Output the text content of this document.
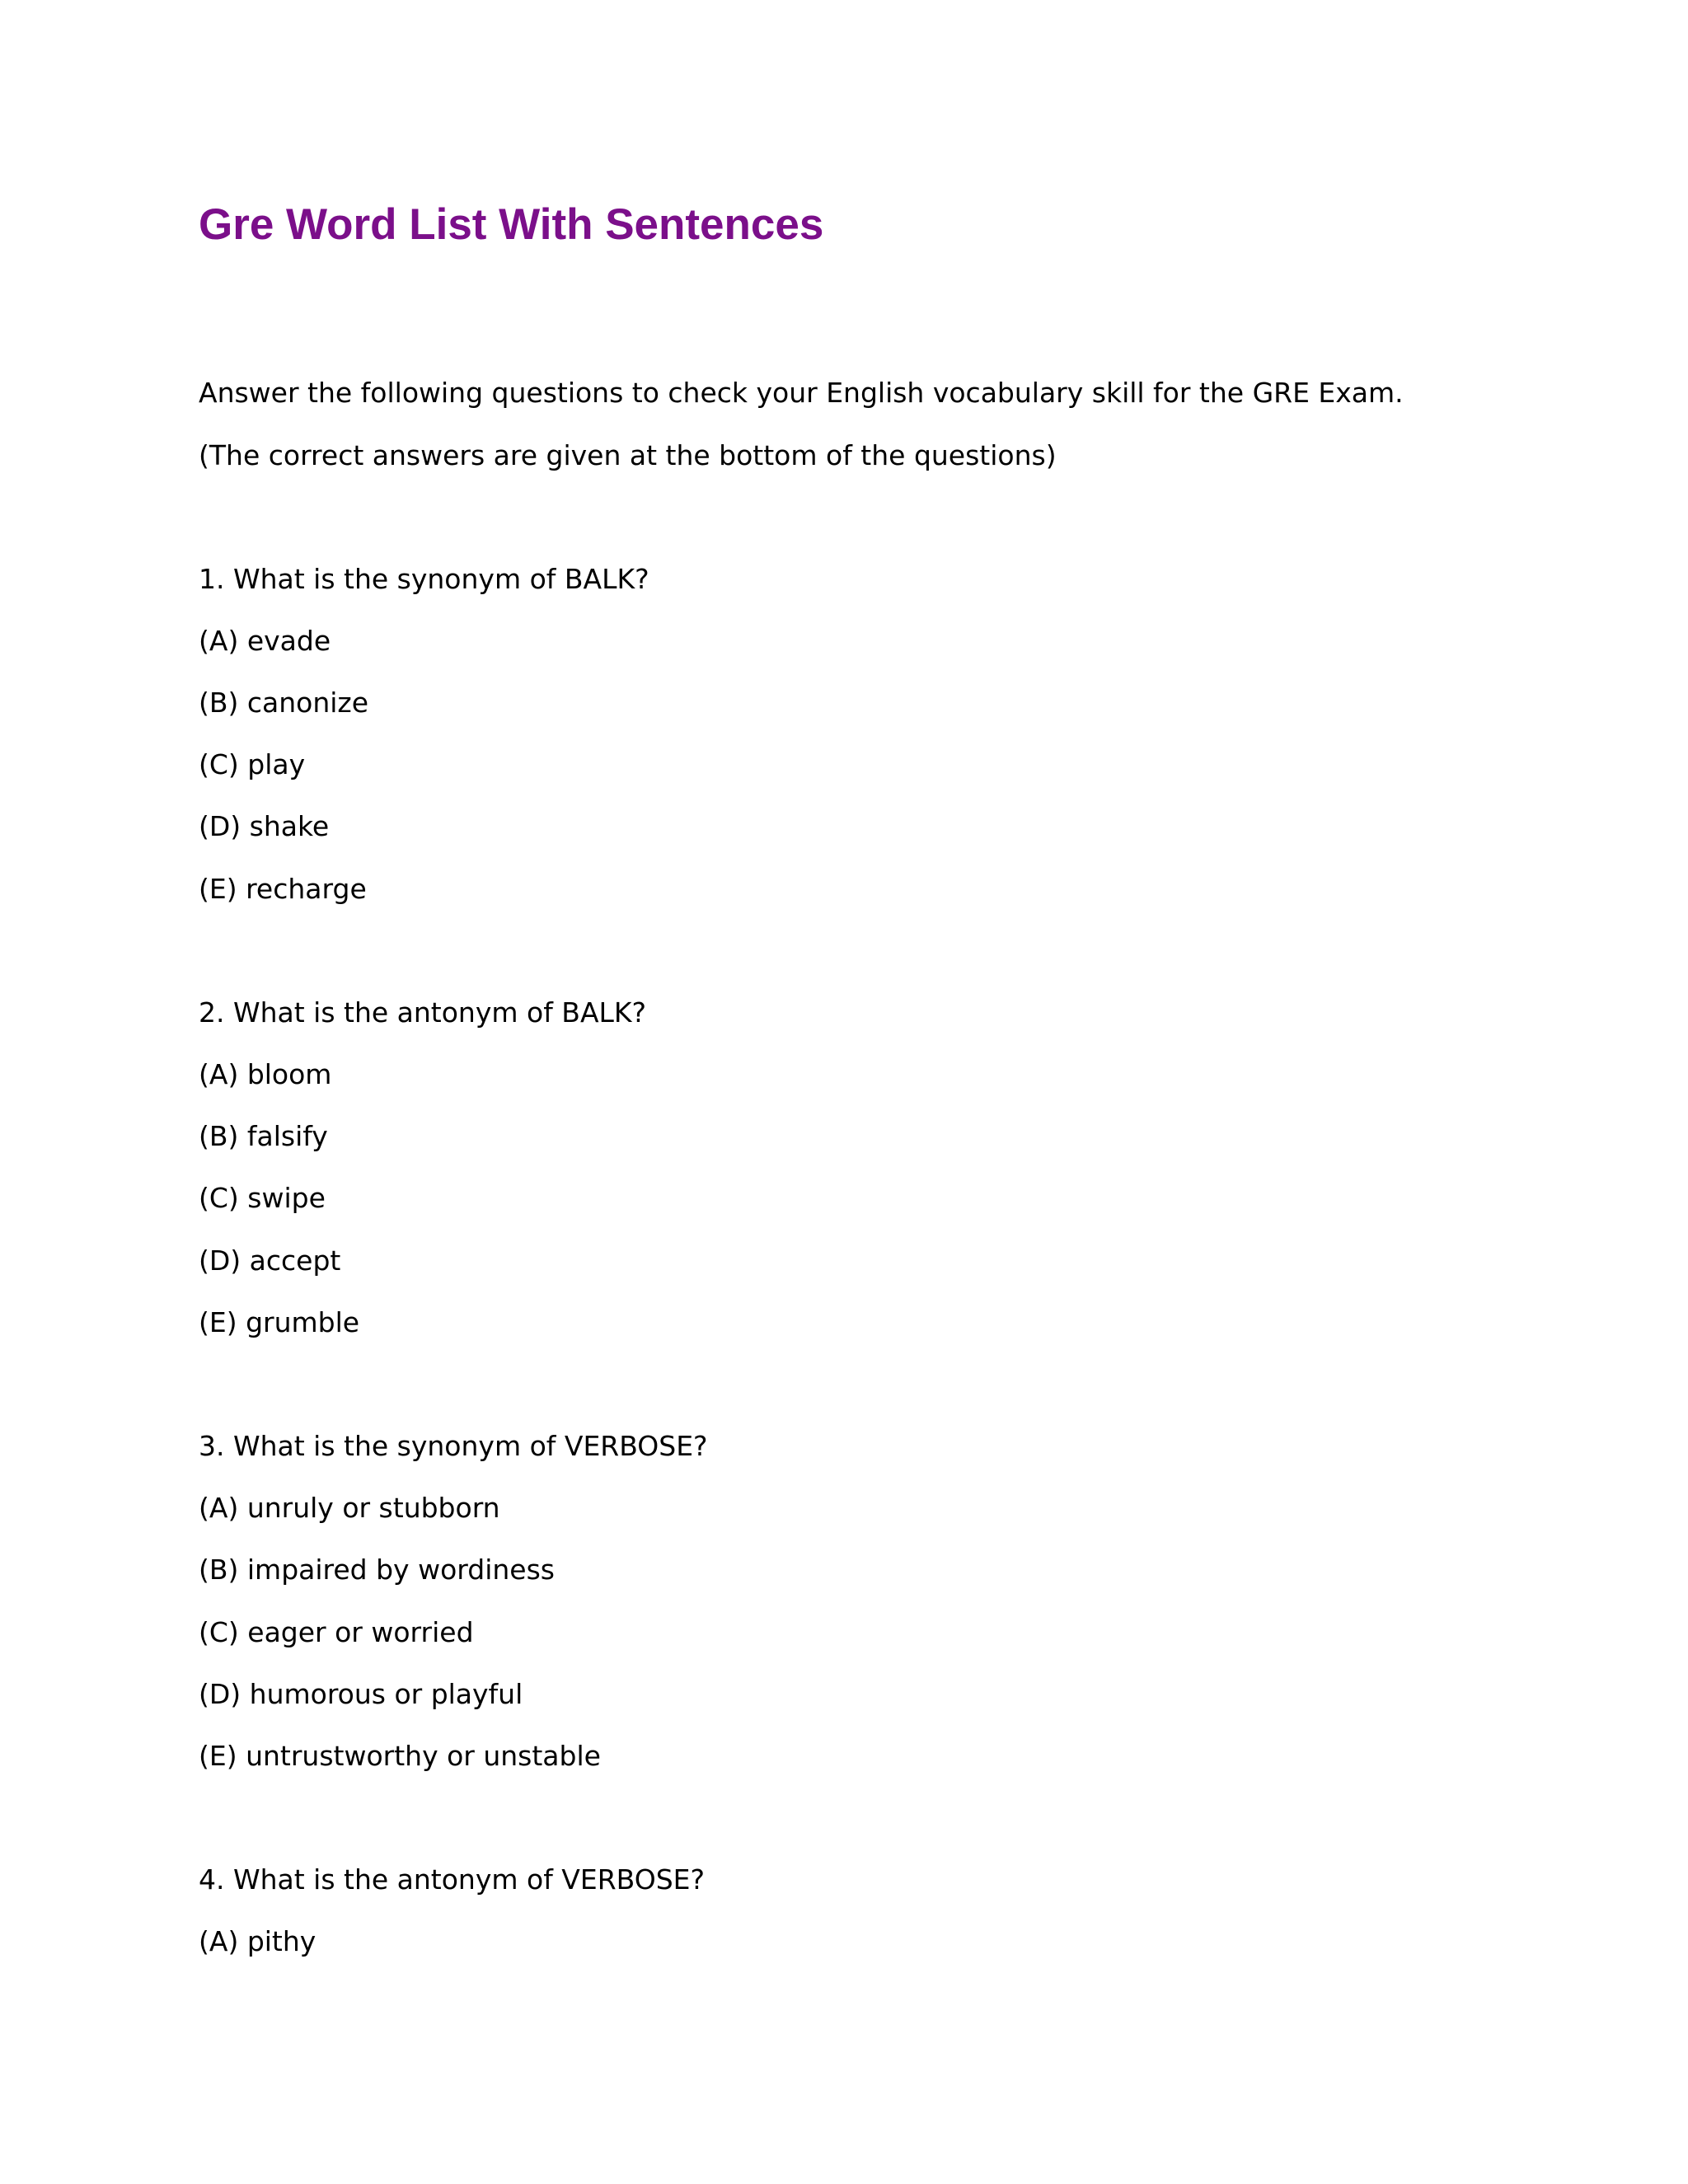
Gre Word List With Sentences

Answer the following questions to check your English vocabulary skill for the GRE Exam.

(The correct answers are given at the bottom of the questions)

1. What is the synonym of BALK?

(A) evade

(B) canonize

(C) play

(D) shake

(E) recharge

2. What is the antonym of BALK?

(A) bloom

(B) falsify

(C) swipe

(D) accept

(E) grumble

3. What is the synonym of VERBOSE?

(A) unruly or stubborn

(B) impaired by wordiness

(C) eager or worried

(D) humorous or playful

(E) untrustworthy or unstable

4. What is the antonym of VERBOSE?

(A) pithy
